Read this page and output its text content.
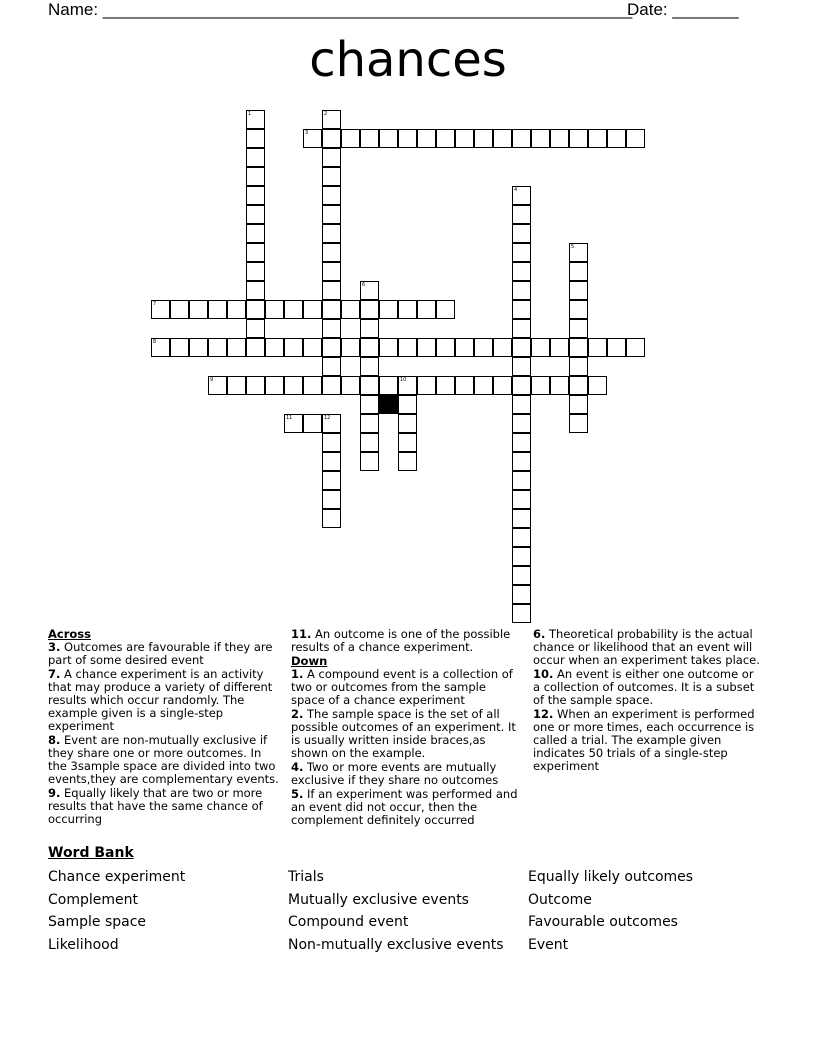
Name: ________________________________________________________
Date: _______
chances
3
7
8
9	10
11
1	2
4
5
6
12
Across
3. Outcomes are favourable if they are part of some desired event
7. A chance experiment is an activity that may produce a variety of different results which occur randomly. The example given is a single-step experiment
8. Event are non-mutually exclusive if they share one or more outcomes. In the 3sample space are divided into two events,they are complementary events.
9. Equally likely that are two or more results that have the same chance of occurring
11. An outcome is one of the possible results of a chance experiment.
Down
1. A compound event is a collection of two or outcomes from the sample space of a chance experiment
2. The sample space is the set of all possible outcomes of an experiment. It is usually written inside braces,as shown on the example.
4. Two or more events are mutually exclusive if they share no outcomes
5. If an experiment was performed and an event did not occur, then the complement definitely occurred
6. Theoretical probability is the actual chance or likelihood that an event will occur when an experiment takes place.
10. An event is either one outcome or a collection of outcomes. It is a subset of the sample space.
12. When an experiment is performed one or more times, each occurrence is called a trial. The example given indicates 50 trials of a single-step experiment
Word Bank
Chance experiment
Complement
Sample space
Likelihood
Trials
Mutually exclusive events
Compound event
Non-mutually exclusive events
Equally likely outcomes
Outcome
Favourable outcomes
Event
